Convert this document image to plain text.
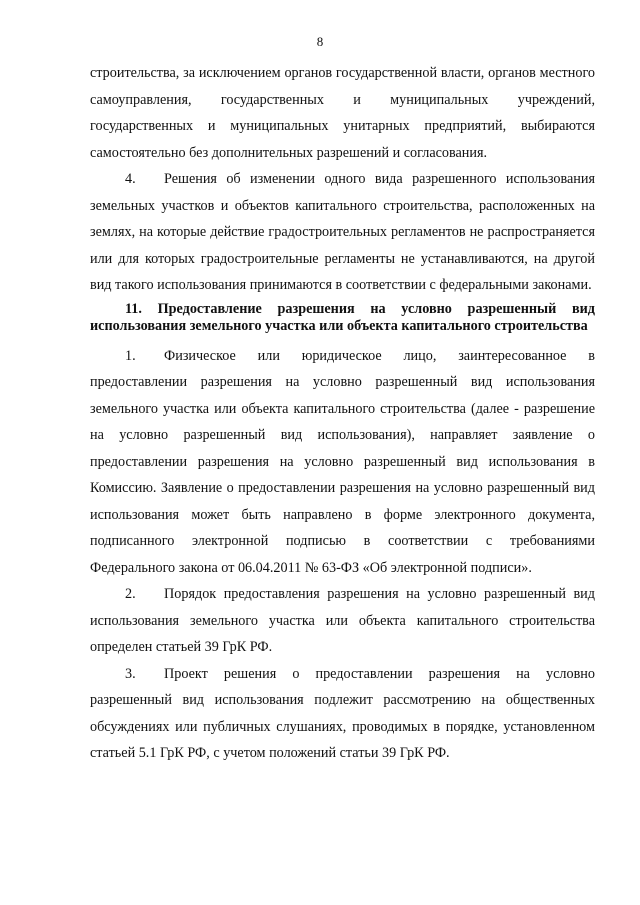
8

строительства, за исключением органов государственной власти, органов местного самоуправления, государственных и муниципальных учреждений, государственных и муниципальных унитарных предприятий, выбираются самостоятельно без дополнительных разрешений и согласования.

4.  Решения об изменении одного вида разрешенного использования земельных участков и объектов капитального строительства, расположенных на землях, на которые действие градостроительных регламентов не распространяется или для которых градостроительные регламенты не устанавливаются, на другой вид такого использования принимаются в соответствии с федеральными законами.

11. Предоставление разрешения на условно разрешенный вид использования земельного участка или объекта капитального строительства

1.  Физическое или юридическое лицо, заинтересованное в предоставлении разрешения на условно разрешенный вид использования земельного участка или объекта капитального строительства (далее - разрешение на условно разрешенный вид использования), направляет заявление о предоставлении разрешения на условно разрешенный вид использования в Комиссию. Заявление о предоставлении разрешения на условно разрешенный вид использования может быть направлено в форме электронного документа, подписанного электронной подписью в соответствии с требованиями Федерального закона от 06.04.2011 № 63-ФЗ «Об электронной подписи».

2.  Порядок предоставления разрешения на условно разрешенный вид использования земельного участка или объекта капитального строительства определен статьей 39 ГрК РФ.

3.  Проект решения о предоставлении разрешения на условно разрешенный вид использования подлежит рассмотрению на общественных обсуждениях или публичных слушаниях, проводимых в порядке, установленном статьей 5.1 ГрК РФ, с учетом положений статьи 39 ГрК РФ.
